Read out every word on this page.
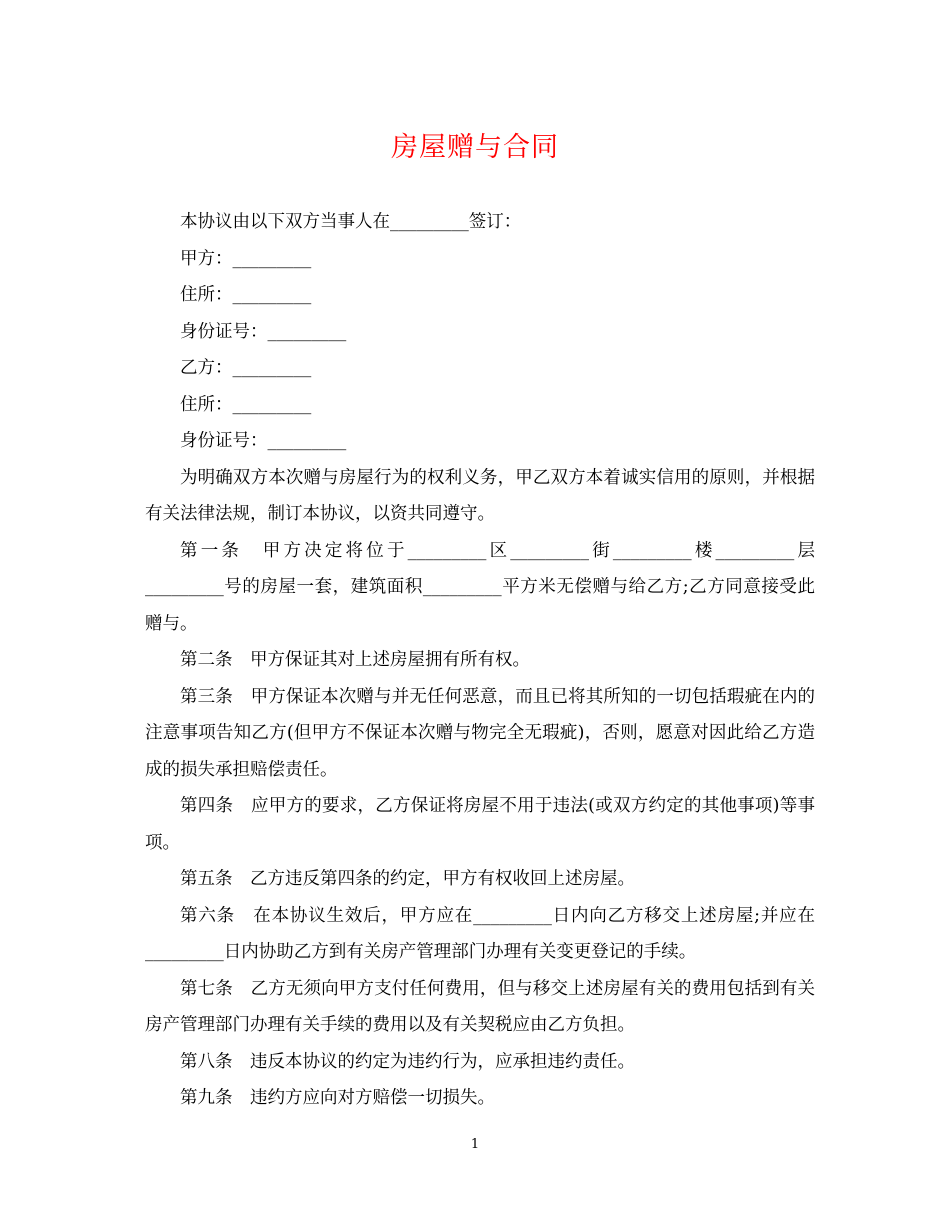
房屋赠与合同

本协议由以下双方当事人在_________签订：

甲方：_________

住所：_________

身份证号：_________

乙方：_________

住所：_________

身份证号：_________

为明确双方本次赠与房屋行为的权利义务，甲乙双方本着诚实信用的原则，并根据有关法律法规，制订本协议，以资共同遵守。

第一条　甲方决定将位于_________区_________街_________楼_________层_________号的房屋一套，建筑面积_________平方米无偿赠与给乙方;乙方同意接受此赠与。

第二条　甲方保证其对上述房屋拥有所有权。

第三条　甲方保证本次赠与并无任何恶意，而且已将其所知的一切包括瑕疵在内的注意事项告知乙方(但甲方不保证本次赠与物完全无瑕疵)，否则，愿意对因此给乙方造成的损失承担赔偿责任。

第四条　应甲方的要求，乙方保证将房屋不用于违法(或双方约定的其他事项)等事项。

第五条　乙方违反第四条的约定，甲方有权收回上述房屋。

第六条　在本协议生效后，甲方应在_________日内向乙方移交上述房屋;并应在_________日内协助乙方到有关房产管理部门办理有关变更登记的手续。

第七条　乙方无须向甲方支付任何费用，但与移交上述房屋有关的费用包括到有关房产管理部门办理有关手续的费用以及有关契税应由乙方负担。

第八条　违反本协议的约定为违约行为，应承担违约责任。

第九条　违约方应向对方赔偿一切损失。

1
